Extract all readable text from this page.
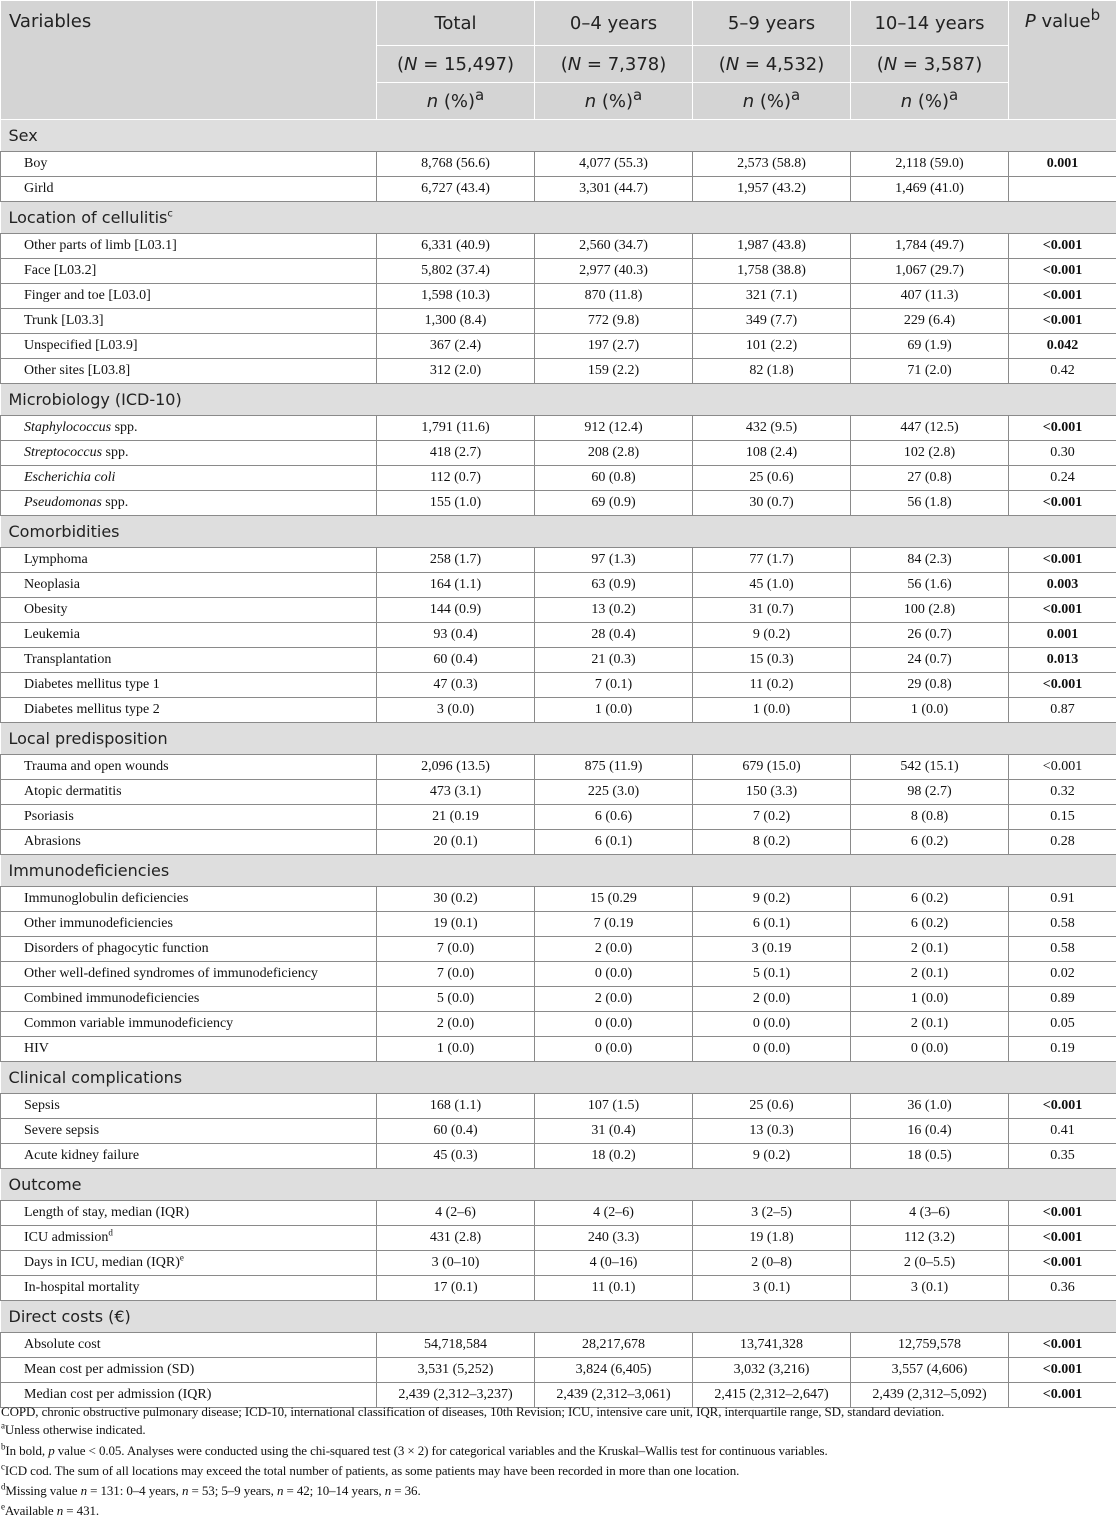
Variables	Total	0–4 years	5–9 years	10–14 years	P value$^b$
	(N = 15,497)	(N = 7,378)	(N = 4,532)	(N = 3,587)	
	n (%)$^a$	n (%)$^a$	n (%)$^a$	n (%)$^a$
Sex					
Boy	8,768 (56.6)	4,077 (55.3)	2,573 (58.8)	2,118 (59.0)	0.001
Girld	6,727 (43.4)	3,301 (44.7)	1,957 (43.2)	1,469 (41.0)	
Location of cellulitis$^c$
Other parts of limb [L03.1]	6,331 (40.9)	2,560 (34.7)	1,987 (43.8)	1,784 (49.7)	<0.001
Face [L03.2]	5,802 (37.4)	2,977 (40.3)	1,758 (38.8)	1,067 (29.7)	<0.001
Finger and toe [L03.0]	1,598 (10.3)	870 (11.8)	321 (7.1)	407 (11.3)	<0.001
Trunk [L03.3]	1,300 (8.4)	772 (9.8)	349 (7.7)	229 (6.4)	<0.001
Unspecified [L03.9]	367 (2.4)	197 (2.7)	101 (2.2)	69 (1.9)	0.042
Other sites [L03.8]	312 (2.0)	159 (2.2)	82 (1.8)	71 (2.0)	0.42
Microbiology (ICD-10)					
Staphylococcus spp.	1,791 (11.6)	912 (12.4)	432 (9.5)	447 (12.5)	<0.001
Streptococcus spp.	418 (2.7)	208 (2.8)	108 (2.4)	102 (2.8)	0.30
Escherichia coli	112 (0.7)	60 (0.8)	25 (0.6)	27 (0.8)	0.24
Pseudomonas spp.	155 (1.0)	69 (0.9)	30 (0.7)	56 (1.8)	<0.001
Comorbidities					
Lymphoma	258 (1.7)	97 (1.3)	77 (1.7)	84 (2.3)	<0.001
Neoplasia	164 (1.1)	63 (0.9)	45 (1.0)	56 (1.6)	0.003
Obesity	144 (0.9)	13 (0.2)	31 (0.7)	100 (2.8)	<0.001
Leukemia	93 (0.4)	28 (0.4)	9 (0.2)	26 (0.7)	0.001
Transplantation	60 (0.4)	21 (0.3)	15 (0.3)	24 (0.7)	0.013
Diabetes mellitus type 1	47 (0.3)	7 (0.1)	11 (0.2)	29 (0.8)	<0.001
Diabetes mellitus type 2	3 (0.0)	1 (0.0)	1 (0.0)	1 (0.0)	0.87
Local predisposition					
Trauma and open wounds	2,096 (13.5)	875 (11.9)	679 (15.0)	542 (15.1)	<0.001
Atopic dermatitis	473 (3.1)	225 (3.0)	150 (3.3)	98 (2.7)	0.32
Psoriasis	21 (0.19	6 (0.6)	7 (0.2)	8 (0.8)	0.15
Abrasions	20 (0.1)	6 (0.1)	8 (0.2)	6 (0.2)	0.28
Immunodeficiencies					
Immunoglobulin deficiencies	30 (0.2)	15 (0.29	9 (0.2)	6 (0.2)	0.91
Other immunodeficiencies	19 (0.1)	7 (0.19	6 (0.1)	6 (0.2)	0.58
Disorders of phagocytic function	7 (0.0)	2 (0.0)	3 (0.19	2 (0.1)	0.58
Other well-defined syndromes of immunodeficiency	7 (0.0)	0 (0.0)	5 (0.1)	2 (0.1)	0.02
Combined immunodeficiencies	5 (0.0)	2 (0.0)	2 (0.0)	1 (0.0)	0.89
Common variable immunodeficiency	2 (0.0)	0 (0.0)	0 (0.0)	2 (0.1)	0.05
HIV	1 (0.0)	0 (0.0)	0 (0.0)	0 (0.0)	0.19
Clinical complications					
Sepsis	168 (1.1)	107 (1.5)	25 (0.6)	36 (1.0)	<0.001
Severe sepsis	60 (0.4)	31 (0.4)	13 (0.3)	16 (0.4)	0.41
Acute kidney failure	45 (0.3)	18 (0.2)	9 (0.2)	18 (0.5)	0.35
Outcome					
Length of stay, median (IQR)	4 (2–6)	4 (2–6)	3 (2–5)	4 (3–6)	<0.001
ICU admission$^d$	431 (2.8)	240 (3.3)	19 (1.8)	112 (3.2)	<0.001
Days in ICU, median (IQR)$^e$	3 (0–10)	4 (0–16)	2 (0–8)	2 (0–5.5)	<0.001
In-hospital mortality	17 (0.1)	11 (0.1)	3 (0.1)	3 (0.1)	0.36
Direct costs (€)					
Absolute cost	54,718,584	28,217,678	13,741,328	12,759,578	<0.001
Mean cost per admission (SD)	3,531 (5,252)	3,824 (6,405)	3,032 (3,216)	3,557 (4,606)	<0.001
Median cost per admission (IQR)	2,439 (2,312–3,237)	2,439 (2,312–3,061)	2,415 (2,312–2,647)	2,439 (2,312–5,092)	<0.001
COPD, chronic obstructive pulmonary disease; ICD-10, international classification of diseases, 10th Revision; ICU, intensive care unit, IQR, interquartile range, SD, standard deviation.
$^a$Unless otherwise indicated.
$^b$In bold, p value < 0.05. Analyses were conducted using the chi-squared test (3 × 2) for categorical variables and the Kruskal–Wallis test for continuous variables.
$^c$ICD cod. The sum of all locations may exceed the total number of patients, as some patients may have been recorded in more than one location.
$^d$Missing value n = 131: 0–4 years, n = 53; 5–9 years, n = 42; 10–14 years, n = 36.
$^e$Available n = 431.
